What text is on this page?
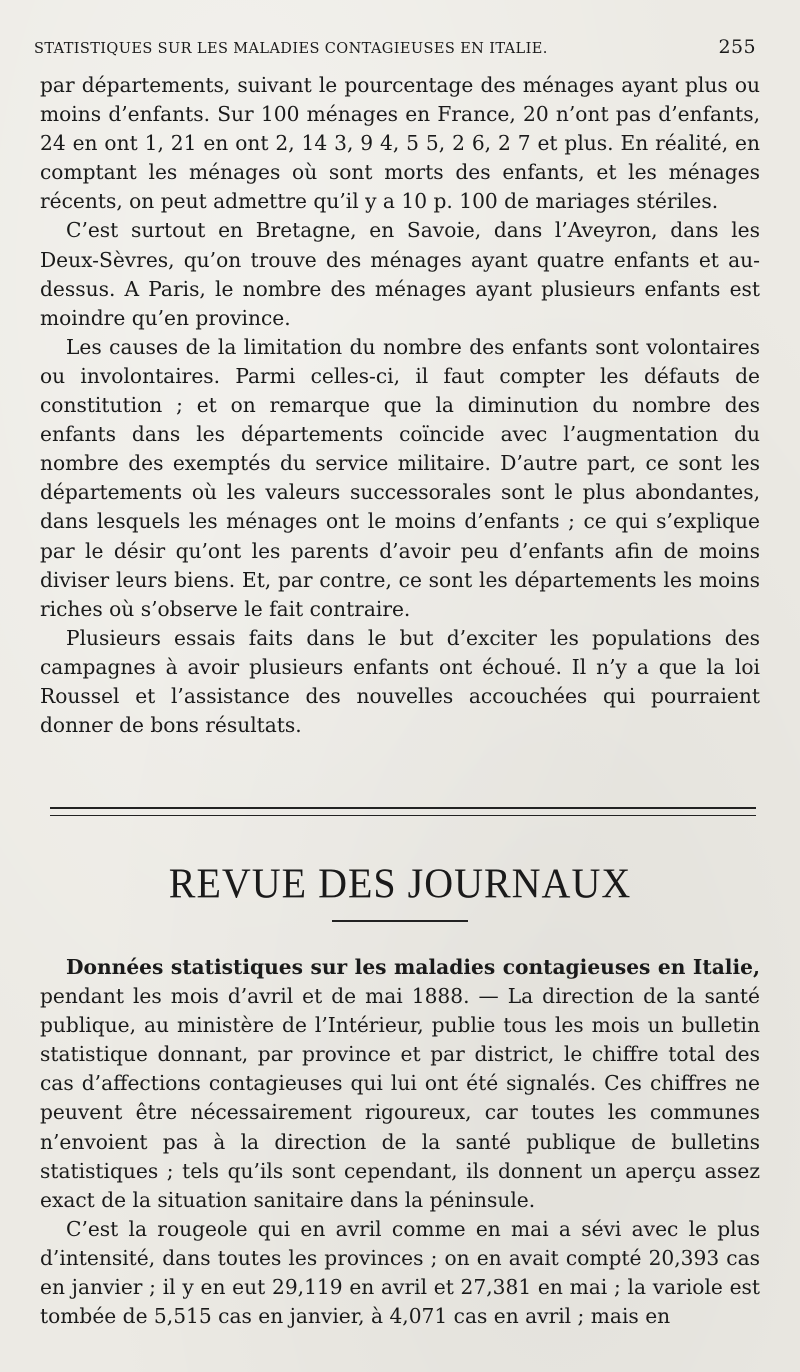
STATISTIQUES SUR LES MALADIES CONTAGIEUSES EN ITALIE.	255

par départements, suivant le pourcentage des ménages ayant plus ou moins d’enfants. Sur 100 ménages en France, 20 n’ont pas d’enfants, 24 en ont 1, 21 en ont 2, 14 3, 9 4, 5 5, 2 6, 2 7 et plus. En réalité, en comptant les ménages où sont morts des enfants, et les ménages récents, on peut admettre qu’il y a 10 p. 100 de mariages stériles.

C’est surtout en Bretagne, en Savoie, dans l’Aveyron, dans les Deux-Sèvres, qu’on trouve des ménages ayant quatre enfants et au-dessus. A Paris, le nombre des ménages ayant plusieurs enfants est moindre qu’en province.

Les causes de la limitation du nombre des enfants sont volontaires ou involontaires. Parmi celles-ci, il faut compter les défauts de constitution ; et on remarque que la diminution du nombre des enfants dans les départements coïncide avec l’augmentation du nombre des exemptés du service militaire. D’autre part, ce sont les départements où les valeurs successorales sont le plus abondantes, dans lesquels les ménages ont le moins d’enfants ; ce qui s’explique par le désir qu’ont les parents d’avoir peu d’enfants afin de moins diviser leurs biens. Et, par contre, ce sont les départements les moins riches où s’observe le fait contraire.

Plusieurs essais faits dans le but d’exciter les populations des campagnes à avoir plusieurs enfants ont échoué. Il n’y a que la loi Roussel et l’assistance des nouvelles accouchées qui pourraient donner de bons résultats.

REVUE DES JOURNAUX

Données statistiques sur les maladies contagieuses en Italie, pendant les mois d’avril et de mai 1888. — La direction de la santé publique, au ministère de l’Intérieur, publie tous les mois un bulletin statistique donnant, par province et par district, le chiffre total des cas d’affections contagieuses qui lui ont été signalés. Ces chiffres ne peuvent être nécessairement rigoureux, car toutes les communes n’envoient pas à la direction de la santé publique de bulletins statistiques ; tels qu’ils sont cependant, ils donnent un aperçu assez exact de la situation sanitaire dans la péninsule.

C’est la rougeole qui en avril comme en mai a sévi avec le plus d’intensité, dans toutes les provinces ; on en avait compté 20,393 cas en janvier ; il y en eut 29,119 en avril et 27,381 en mai ; la variole est tombée de 5,515 cas en janvier, à 4,071 cas en avril ; mais en
